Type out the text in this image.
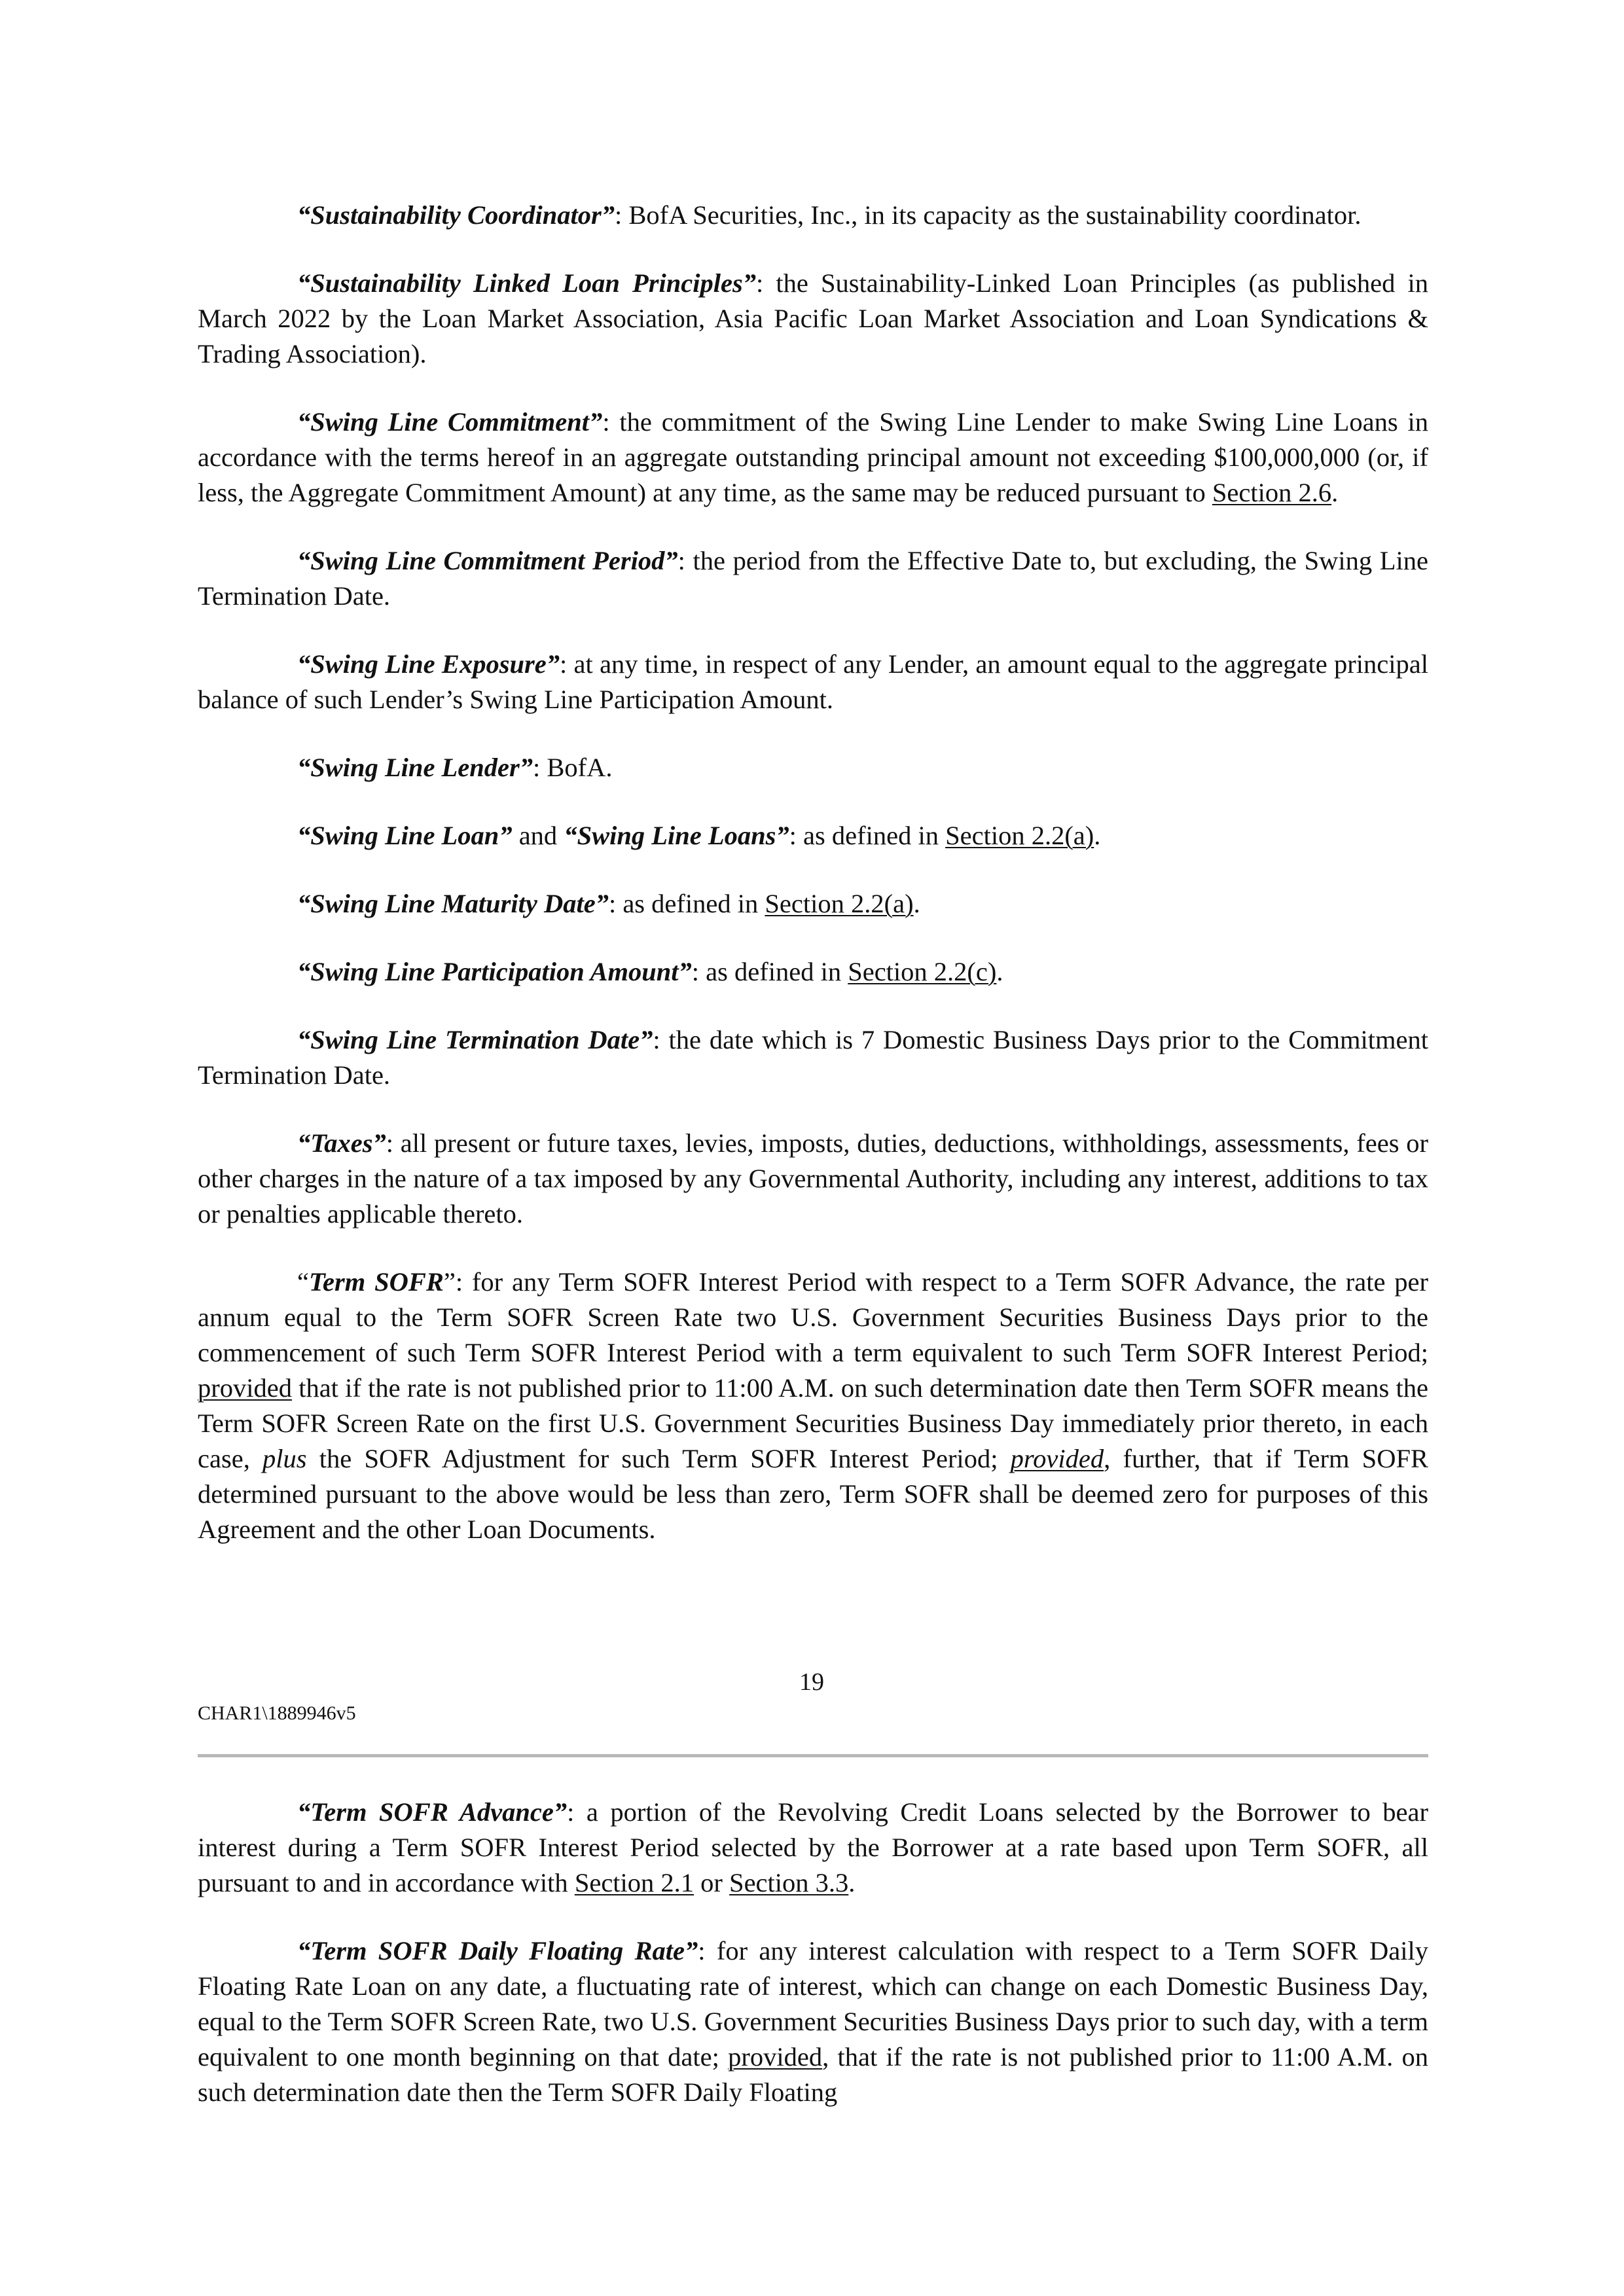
“Sustainability Coordinator”: BofA Securities, Inc., in its capacity as the sustainability coordinator.

“Sustainability Linked Loan Principles”: the Sustainability-Linked Loan Principles (as published in March 2022 by the Loan Market Association, Asia Pacific Loan Market Association and Loan Syndications & Trading Association).

“Swing Line Commitment”: the commitment of the Swing Line Lender to make Swing Line Loans in accordance with the terms hereof in an aggregate outstanding principal amount not exceeding $100,000,000 (or, if less, the Aggregate Commitment Amount) at any time, as the same may be reduced pursuant to Section 2.6.

“Swing Line Commitment Period”: the period from the Effective Date to, but excluding, the Swing Line Termination Date.

“Swing Line Exposure”: at any time, in respect of any Lender, an amount equal to the aggregate principal balance of such Lender’s Swing Line Participation Amount.

“Swing Line Lender”: BofA.

“Swing Line Loan” and “Swing Line Loans”: as defined in Section 2.2(a).

“Swing Line Maturity Date”: as defined in Section 2.2(a).

“Swing Line Participation Amount”: as defined in Section 2.2(c).

“Swing Line Termination Date”: the date which is 7 Domestic Business Days prior to the Commitment Termination Date.

“Taxes”: all present or future taxes, levies, imposts, duties, deductions, withholdings, assessments, fees or other charges in the nature of a tax imposed by any Governmental Authority, including any interest, additions to tax or penalties applicable thereto.

“Term SOFR”: for any Term SOFR Interest Period with respect to a Term SOFR Advance, the rate per annum equal to the Term SOFR Screen Rate two U.S. Government Securities Business Days prior to the commencement of such Term SOFR Interest Period with a term equivalent to such Term SOFR Interest Period; provided that if the rate is not published prior to 11:00 A.M. on such determination date then Term SOFR means the Term SOFR Screen Rate on the first U.S. Government Securities Business Day immediately prior thereto, in each case, plus the SOFR Adjustment for such Term SOFR Interest Period; provided, further, that if Term SOFR determined pursuant to the above would be less than zero, Term SOFR shall be deemed zero for purposes of this Agreement and the other Loan Documents.

19
CHAR1\1889946v5

“Term SOFR Advance”: a portion of the Revolving Credit Loans selected by the Borrower to bear interest during a Term SOFR Interest Period selected by the Borrower at a rate based upon Term SOFR, all pursuant to and in accordance with Section 2.1 or Section 3.3.

“Term SOFR Daily Floating Rate”: for any interest calculation with respect to a Term SOFR Daily Floating Rate Loan on any date, a fluctuating rate of interest, which can change on each Domestic Business Day, equal to the Term SOFR Screen Rate, two U.S. Government Securities Business Days prior to such day, with a term equivalent to one month beginning on that date; provided, that if the rate is not published prior to 11:00 A.M. on such determination date then the Term SOFR Daily Floating
